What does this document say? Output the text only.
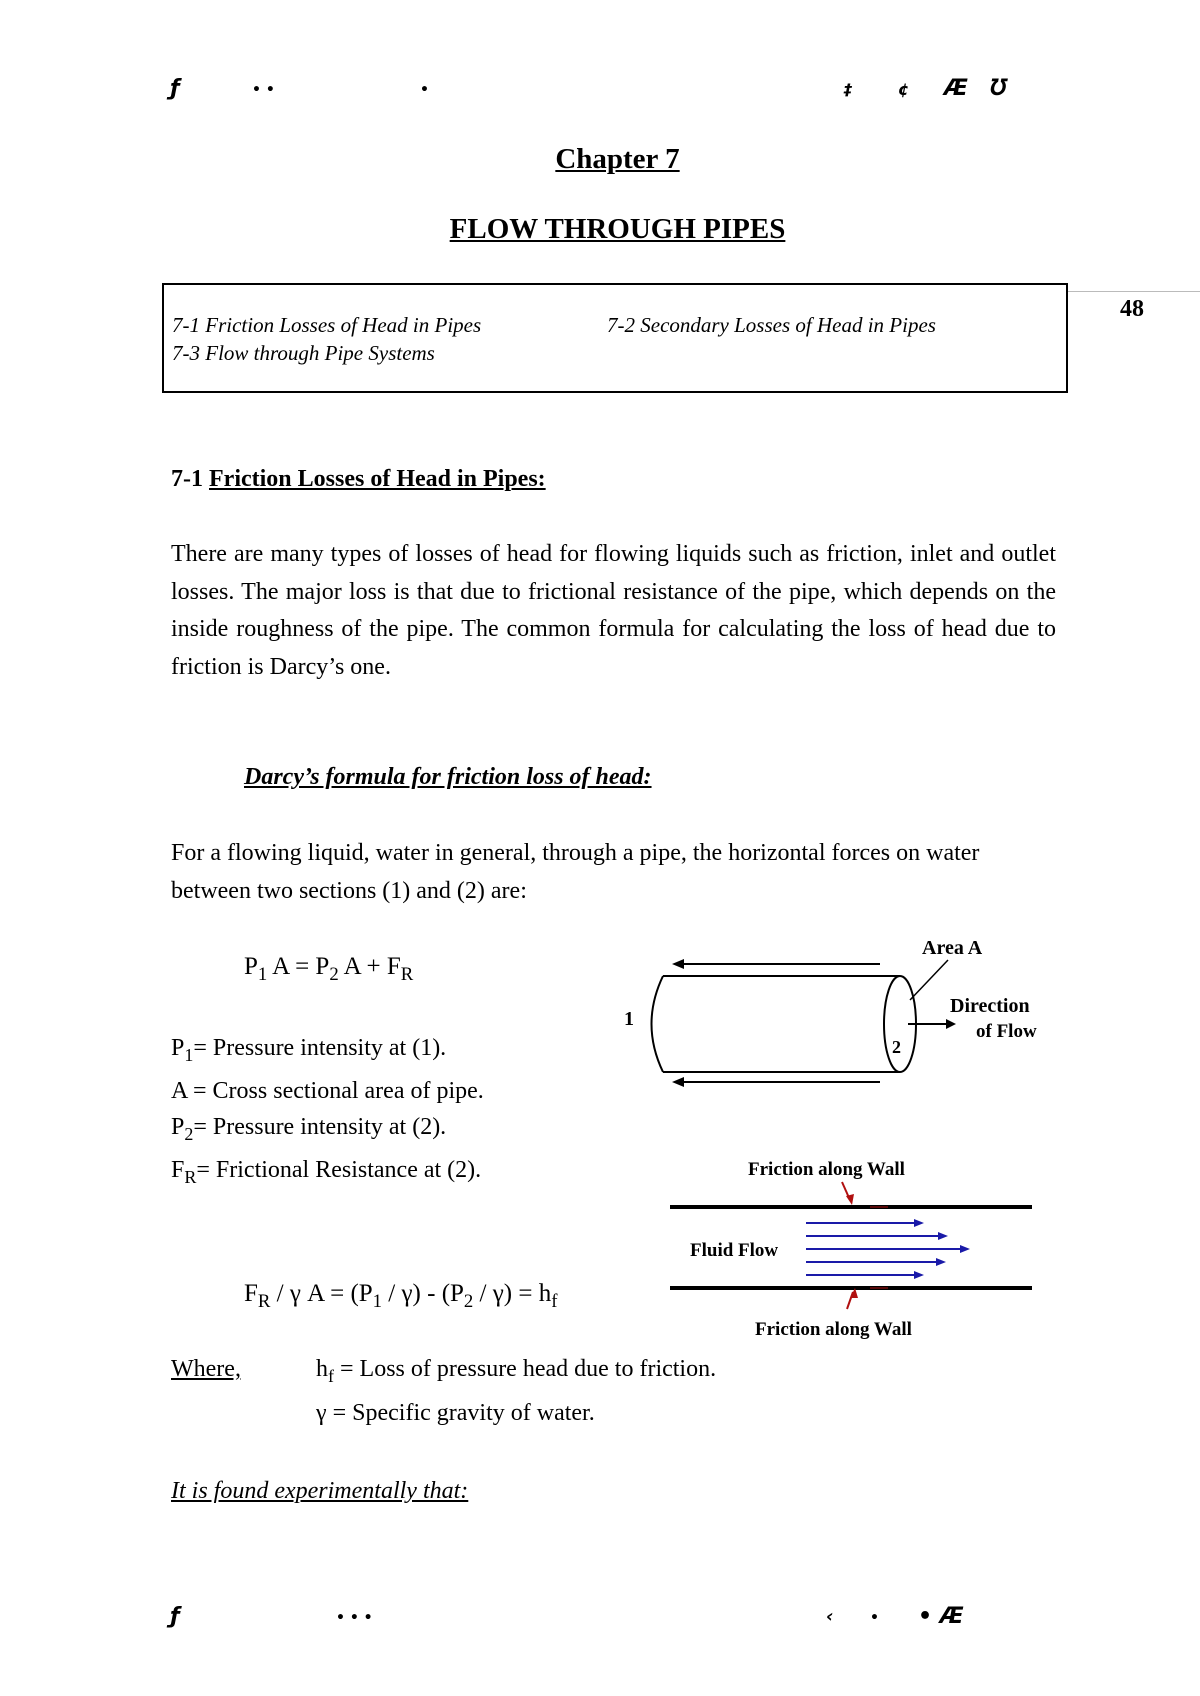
ƒ	• •	•	‡	¢ Æ Ʊ
Chapter 7
FLOW THROUGH PIPES
48
7-1 Friction Losses of Head in Pipes	7-2 Secondary Losses of Head in Pipes
7-3 Flow through Pipe Systems
7-1 Friction Losses of Head in Pipes:

There are many types of losses of head for flowing liquids such as friction, inlet and outlet losses. The major loss is that due to frictional resistance of the pipe, which depends on the inside roughness of the pipe. The common formula for calculating the loss of head due to friction is Darcy’s one.

Darcy’s formula for friction loss of head:

For a flowing liquid, water in general, through a pipe, the horizontal forces on water between two sections (1) and (2) are:

$P_1$ $A = P_2$ $A + F_R$
$P_1=$ Pressure intensity at (1).
A = Cross sectional area of pipe.
$P_2=$ Pressure intensity at (2).
$F_R=$ Frictional Resistance at (2).
$F_R$ / γ $A = (P_1 / \gamma) - (P_2 / \gamma) = h_f$
Where,	$h_f$ = Loss of pressure head due to friction.
γ = Specific gravity of water.
It is found experimentally that:
1
2
Area A
Direction
of Flow
Friction along Wall
Fluid Flow
Friction along Wall
ƒ	• • •	‹	• • Æ
